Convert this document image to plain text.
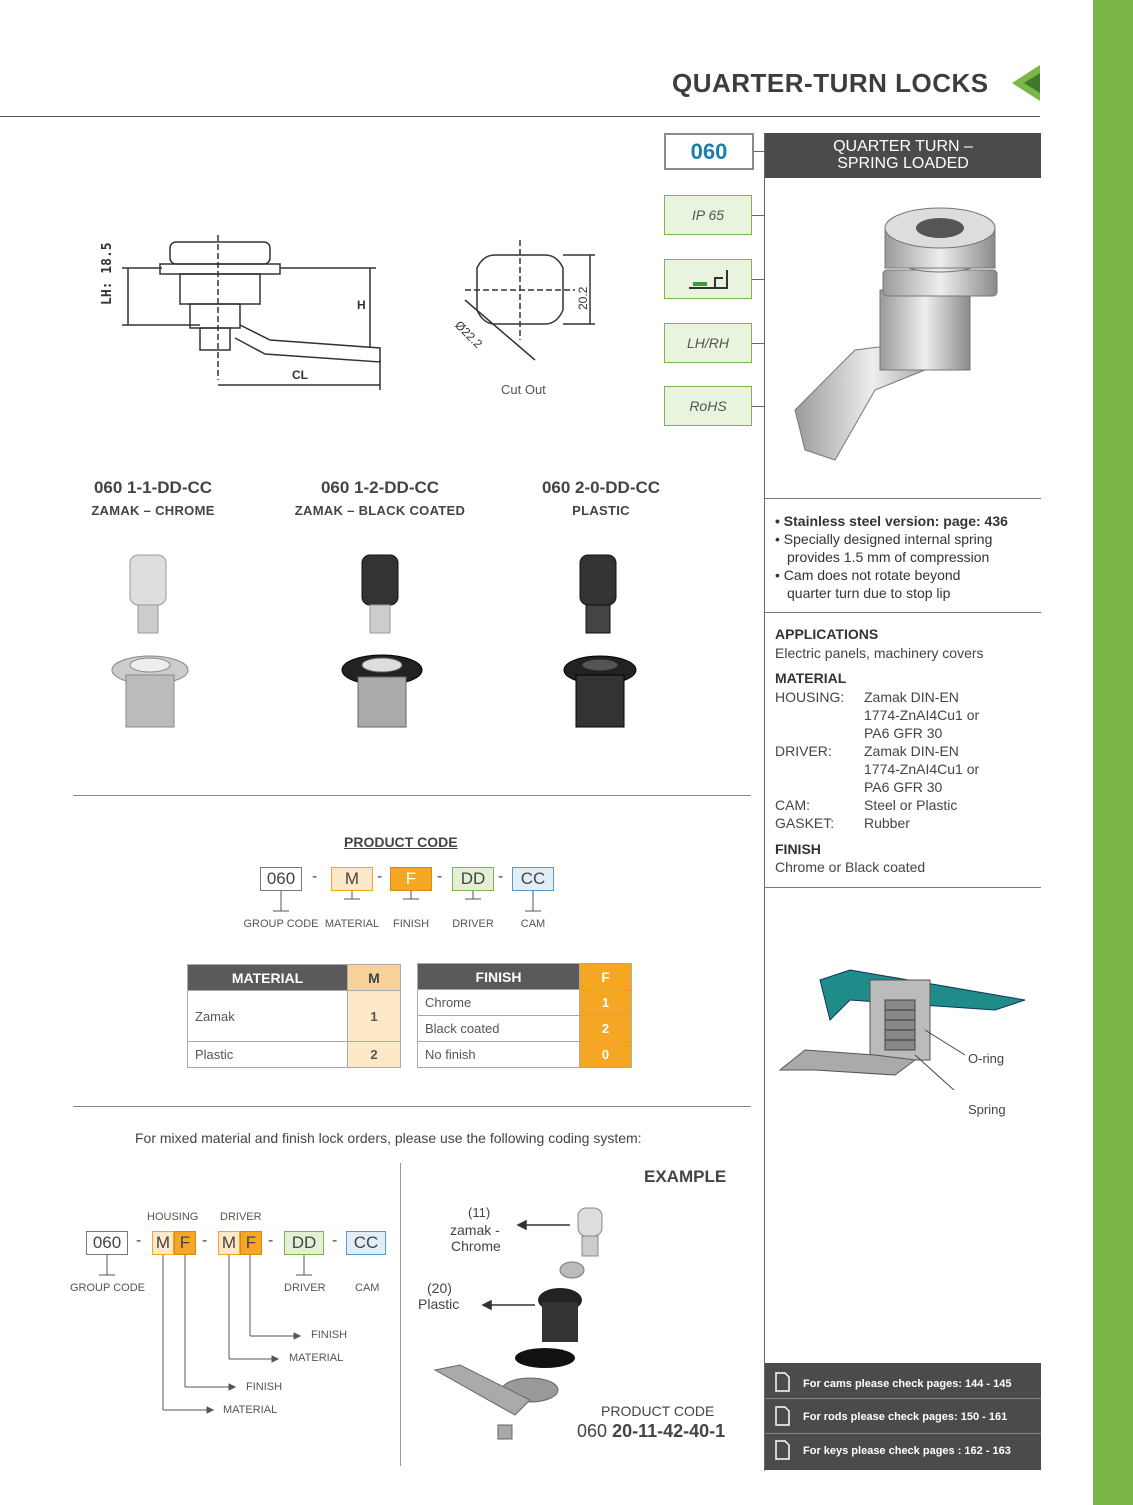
QUARTER-TURN LOCKS
060
IP 65
LH/RH
RoHS
QUARTER TURN –
SPRING LOADED
• Stainless steel version: page: 436
• Specially designed internal spring provides 1.5 mm of compression
• Cam does not rotate beyond quarter turn due to stop lip
APPLICATIONS
Electric panels, machinery covers
MATERIAL
HOUSING: Zamak DIN-EN 1774-ZnAI4Cu1 or PA6 GFR 30
DRIVER: Zamak DIN-EN 1774-ZnAI4Cu1 or PA6 GFR 30
CAM:	Steel or Plastic
GASKET: Rubber
FINISH
Chrome or Black coated
O-ring
Spring
For cams please check pages: 144 - 145
For rods please check pages: 150 - 161
For keys please check pages : 162 - 163
LH: 18.5	H
CL
20.2
Ø22.2
Cut Out
060 1-1-DD-CC
ZAMAK – CHROME
060 1-2-DD-CC
ZAMAK – BLACK COATED
060 2-0-DD-CC
PLASTIC
PRODUCT CODE
060	-	M	-	F	-	DD -	CC
GROUP CODE MATERIAL	FINISH	DRIVER	CAM
MATERIAL	M
Zamak	1
Plastic	2
FINISH	F
Chrome	1
Black coated	2
No finish	0
For mixed material and finish lock orders, please use the following coding system:
HOUSING DRIVER
060 - M F - M F -	DD - CC
GROUP CODE	DRIVER	CAM
FINISH
MATERIAL
FINISH
MATERIAL
EXAMPLE
(11)
zamak -
Chrome
(20)
Plastic
PRODUCT CODE
060 20-11-42-40-1
